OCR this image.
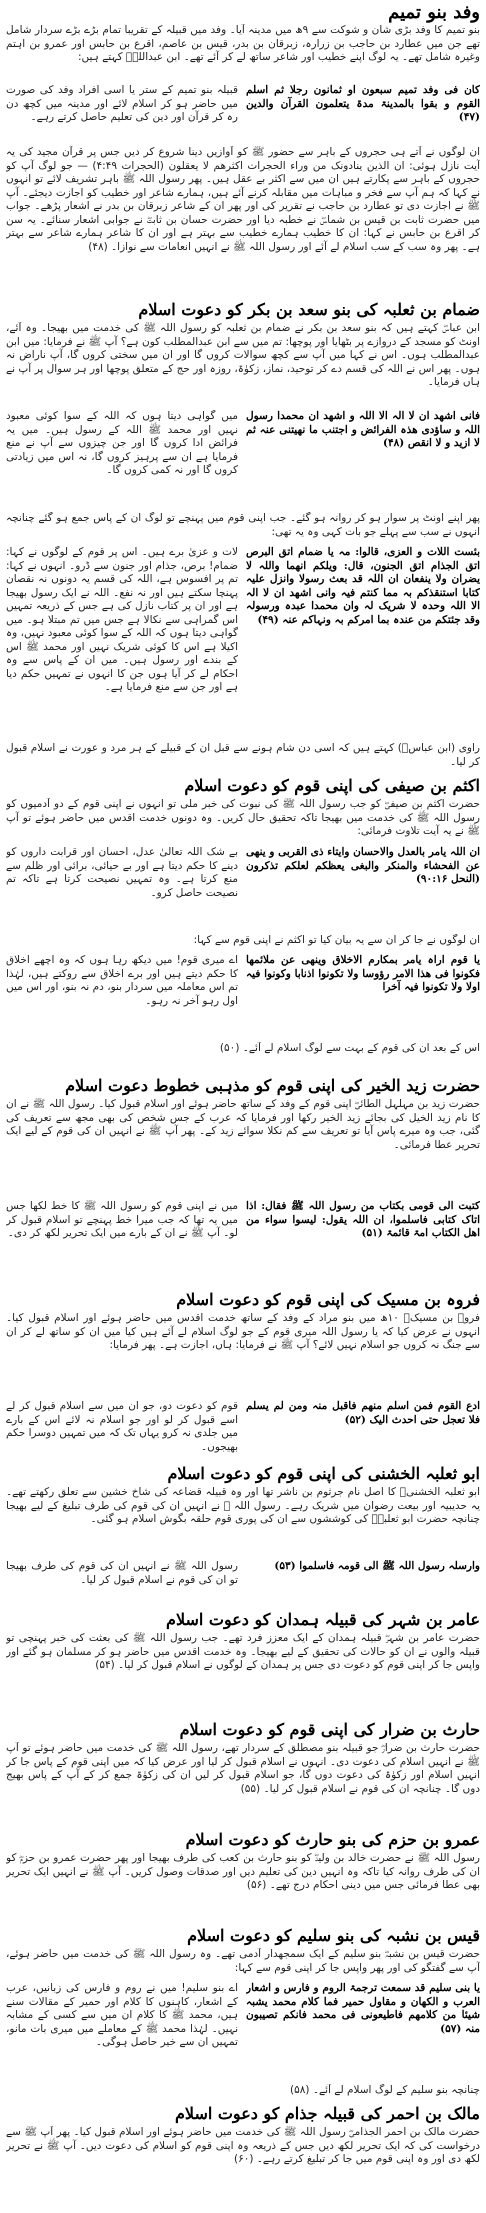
وفد بنو تمیم
بنو تمیم کا وفد بڑی شان و شوکت سے ۹ھ میں مدینہ آیا۔ وفد میں قبیلہ کے تقریباً تمام بڑے بڑے سردار شامل تھے جن میں عطارد بن حاجب بن زرارہ، زبرقان بن بدر، قیس بن عاصم، اقرع بن حابس اور عمرو بن اہتم وغیرہ شامل تھے۔ یہ لوگ اپنے خطیب اور شاعر ساتھ لے کر آئے تھے۔ ابن عبداللہؓ کہتے ہیں:
کان فی وفد تمیم سبعون او ثمانون رجلا ثم اسلم القوم و بقوا بالمدینۃ مدۃ یتعلمون القرآن والدین (۴۷)
قبیلہ بنو تمیم کے ستر یا اسی افراد وفد کی صورت میں حاضر ہو کر اسلام لائے اور مدینہ میں کچھ دن رہ کر قرآن اور دین کی تعلیم حاصل کرتے رہے۔
ان لوگوں نے آتے ہی حجروں کے باہر سے حضور ﷺ کو آوازیں دینا شروع کر دیں جس پر قرآن مجید کی یہ آیت نازل ہوئی: ان الذین ینادونک من وراء الحجرات اکثرھم لا یعقلون (الحجرات ۴:۴۹) — جو لوگ آپ کو حجروں کے باہر سے پکارتے ہیں ان میں سے اکثر بے عقل ہیں۔ پھر رسول اللہ ﷺ باہر تشریف لائے تو انہوں نے کہا کہ ہم آپ سے فخر و مباہات میں مقابلہ کرنے آئے ہیں، ہمارے شاعر اور خطیب کو اجازت دیجئے۔ آپ ﷺ نے اجازت دی تو عطارد بن حاجب نے تقریر کی اور پھر ان کے شاعر زبرقان بن بدر نے اشعار پڑھے۔ جواب میں حضرت ثابت بن قیس بن شماسؓ نے خطبہ دیا اور حضرت حسان بن ثابتؓ نے جوابی اشعار سنائے۔ یہ سن کر اقرع بن حابس نے کہا: ان کا خطیب ہمارے خطیب سے بہتر ہے اور ان کا شاعر ہمارے شاعر سے بہتر ہے۔ پھر وہ سب کے سب اسلام لے آئے اور رسول اللہ ﷺ نے انہیں انعامات سے نوازا۔ (۴۸)
ضمام بن ثعلبہ کی بنو سعد بن بکر کو دعوت اسلام
ابن عباسؓ کہتے ہیں کہ بنو سعد بن بکر نے ضمام بن ثعلبہ کو رسول اللہ ﷺ کی خدمت میں بھیجا۔ وہ آئے، اونٹ کو مسجد کے دروازے پر بٹھایا اور پوچھا: تم میں سے ابن عبدالمطلب کون ہے؟ آپ ﷺ نے فرمایا: میں ابن عبدالمطلب ہوں۔ اس نے کہا میں آپ سے کچھ سوالات کروں گا اور ان میں سختی کروں گا، آپ ناراض نہ ہوں۔ پھر اس نے اللہ کی قسم دے کر توحید، نماز، زکوٰۃ، روزہ اور حج کے متعلق پوچھا اور ہر سوال پر آپ نے ہاں فرمایا۔
فانی اشھد ان لا الہ الا اللہ و اشھد ان محمدا رسول اللہ و ساؤدی ھذہ الفرائض و اجتنب ما نھیتنی عنہ ثم لا ازید و لا انقص (۴۸)
میں گواہی دیتا ہوں کہ اللہ کے سوا کوئی معبود نہیں اور محمد ﷺ اللہ کے رسول ہیں۔ میں یہ فرائض ادا کروں گا اور جن چیزوں سے آپ نے منع فرمایا ہے ان سے پرہیز کروں گا، نہ اس میں زیادتی کروں گا اور نہ کمی کروں گا۔
پھر اپنے اونٹ پر سوار ہو کر روانہ ہو گئے۔ جب اپنی قوم میں پہنچے تو لوگ ان کے پاس جمع ہو گئے چنانچہ انہوں نے سب سے پہلے جو بات کہی وہ یہ تھی:
بئست اللات و العزی، قالوا: مہ یا ضمام اتق البرص اتق الجذام اتق الجنون، قال: ویلکم انھما واللہ لا یضران ولا ینفعان ان اللہ قد بعث رسولا وانزل علیہ کتابا استنقذکم بہ مما کنتم فیہ وانی اشھد ان لا الہ الا اللہ وحدہ لا شریک لہ وان محمدا عبدہ ورسولہ وقد جئتکم من عندہ بما امرکم بہ ونہاکم عنہ (۴۹)
لات و عزیٰ برے ہیں۔ اس پر قوم کے لوگوں نے کہا: ضمام! برص، جذام اور جنون سے ڈرو۔ انہوں نے کہا: تم پر افسوس ہے، اللہ کی قسم یہ دونوں نہ نقصان پہنچا سکتے ہیں اور نہ نفع۔ اللہ نے ایک رسول بھیجا ہے اور ان پر کتاب نازل کی ہے جس کے ذریعہ تمہیں اس گمراہی سے نکالا ہے جس میں تم مبتلا ہو۔ میں گواہی دیتا ہوں کہ اللہ کے سوا کوئی معبود نہیں، وہ اکیلا ہے اس کا کوئی شریک نہیں اور محمد ﷺ اس کے بندے اور رسول ہیں۔ میں ان کے پاس سے وہ احکام لے کر آیا ہوں جن کا انہوں نے تمہیں حکم دیا ہے اور جن سے منع فرمایا ہے۔
راوی (ابن عباسؓ) کہتے ہیں کہ اسی دن شام ہونے سے قبل ان کے قبیلے کے ہر مرد و عورت نے اسلام قبول کر لیا۔
اکثم بن صیفی کی اپنی قوم کو دعوت اسلام
حضرت اکثم بن صیفیؓ کو جب رسول اللہ ﷺ کی نبوت کی خبر ملی تو انہوں نے اپنی قوم کے دو آدمیوں کو رسول اللہ ﷺ کی خدمت میں بھیجا تاکہ تحقیق حال کریں۔ وہ دونوں خدمت اقدس میں حاضر ہوئے تو آپ ﷺ نے یہ آیت تلاوت فرمائی:
ان اللہ یامر بالعدل والاحسان وایتاء ذی القربی و ینھی عن الفحشاء والمنکر والبغی یعظکم لعلکم تذکرون (النحل ۹۰:۱۶)
بے شک اللہ تعالیٰ عدل، احسان اور قرابت داروں کو دینے کا حکم دیتا ہے اور بے حیائی، برائی اور ظلم سے منع کرتا ہے۔ وہ تمہیں نصیحت کرتا ہے تاکہ تم نصیحت حاصل کرو۔
ان لوگوں نے جا کر ان سے یہ بیان کیا تو اکثم نے اپنی قوم سے کہا:
یا قوم اراہ یامر بمکارم الاخلاق وینھی عن ملائمھا فکونوا فی ھذا الامر رؤوسا ولا تکونوا اذنابا وکونوا فیہ اولا ولا تکونوا فیہ آخرا
اے میری قوم! میں دیکھ رہا ہوں کہ وہ اچھے اخلاق کا حکم دیتے ہیں اور برے اخلاق سے روکتے ہیں، لہٰذا تم اس معاملہ میں سردار بنو، دم نہ بنو، اور اس میں اول رہو آخر نہ رہو۔
اس کے بعد ان کی قوم کے بہت سے لوگ اسلام لے آئے۔ (۵۰)
حضرت زید الخیر کی اپنی قوم کو مذہبی خطوط دعوت اسلام
حضرت زید بن مہلہل الطائیؓ اپنی قوم کے وفد کے ساتھ حاضر ہوئے اور اسلام قبول کیا۔ رسول اللہ ﷺ نے ان کا نام زید الخیل کی بجائے زید الخیر رکھا اور فرمایا کہ عرب کے جس شخص کی بھی مجھ سے تعریف کی گئی، جب وہ میرے پاس آیا تو تعریف سے کم نکلا سوائے زید کے۔ پھر آپ ﷺ نے انہیں ان کی قوم کے لیے ایک تحریر عطا فرمائی۔
کتبت الی قومی بکتاب من رسول اللہ ﷺ فقال: اذا اتاک کتابی فاسلموا، ان اللہ یقول: لیسوا سواء من اھل الکتاب امۃ قائمۃ (۵۱)
میں نے اپنی قوم کو رسول اللہ ﷺ کا خط لکھا جس میں یہ تھا کہ جب میرا خط پہنچے تو اسلام قبول کر لو۔ آپ ﷺ نے ان کے بارے میں ایک تحریر لکھ کر دی۔
فروہ بن مسیک کی اپنی قوم کو دعوت اسلام
فروہ بن مسیکؓ ۱۰ھ میں بنو مراد کے وفد کے ساتھ خدمت اقدس میں حاضر ہوئے اور اسلام قبول کیا۔ انہوں نے عرض کیا کہ یا رسول اللہ میری قوم کے جو لوگ اسلام لے آئے ہیں کیا میں ان کو ساتھ لے کر ان سے جنگ نہ کروں جو اسلام نہیں لائے؟ آپ ﷺ نے فرمایا: ہاں، اجازت ہے۔ پھر فرمایا:
ادع القوم فمن اسلم منھم فاقبل منہ ومن لم یسلم فلا تعجل حتی احدث الیک (۵۲)
قوم کو دعوت دو، جو ان میں سے اسلام قبول کر لے اسے قبول کر لو اور جو اسلام نہ لائے اس کے بارے میں جلدی نہ کرو یہاں تک کہ میں تمہیں دوسرا حکم بھیجوں۔
ابو ثعلبہ الخشنی کی اپنی قوم کو دعوت اسلام
ابو ثعلبہ الخشنیؓ کا اصل نام جرثوم بن ناشر تھا اور وہ قبیلہ قضاعہ کی شاخ خشین سے تعلق رکھتے تھے۔ یہ حدیبیہ اور بیعت رضوان میں شریک رہے۔ رسول اللہ ﷺ نے انہیں ان کی قوم کی طرف تبلیغ کے لیے بھیجا چنانچہ حضرت ابو ثعلبہؓ کی کوششوں سے ان کی پوری قوم حلقہ بگوش اسلام ہو گئی۔
وارسلہ رسول اللہ ﷺ الی قومہ فاسلموا (۵۳)
رسول اللہ ﷺ نے انہیں ان کی قوم کی طرف بھیجا تو ان کی قوم نے اسلام قبول کر لیا۔
عامر بن شہر کی قبیلہ ہمدان کو دعوت اسلام
حضرت عامر بن شہرؓ قبیلہ ہمدان کے ایک معزز فرد تھے۔ جب رسول اللہ ﷺ کی بعثت کی خبر پہنچی تو قبیلہ والوں نے ان کو حالات کی تحقیق کے لیے بھیجا۔ وہ خدمت اقدس میں حاضر ہو کر مسلمان ہو گئے اور واپس جا کر اپنی قوم کو دعوت دی جس پر ہمدان کے لوگوں نے اسلام قبول کر لیا۔ (۵۴)
حارث بن ضرار کی اپنی قوم کو دعوت اسلام
حضرت حارث بن ضرارؓ جو قبیلہ بنو مصطلق کے سردار تھے، رسول اللہ ﷺ کی خدمت میں حاضر ہوئے تو آپ ﷺ نے انہیں اسلام کی دعوت دی۔ انہوں نے اسلام قبول کر لیا اور عرض کیا کہ میں اپنی قوم کے پاس جا کر انہیں اسلام اور زکوٰۃ کی دعوت دوں گا، جو اسلام قبول کر لیں ان کی زکوٰۃ جمع کر کے آپ کے پاس بھیج دوں گا۔ چنانچہ ان کی قوم نے اسلام قبول کر لیا۔ (۵۵)
عمرو بن حزم کی بنو حارث کو دعوت اسلام
رسول اللہ ﷺ نے حضرت خالد بن ولیدؓ کو بنو حارث بن کعب کی طرف بھیجا اور پھر حضرت عمرو بن حزمؓ کو ان کی طرف روانہ کیا تاکہ وہ انہیں دین کی تعلیم دیں اور صدقات وصول کریں۔ آپ ﷺ نے انہیں ایک تحریر بھی عطا فرمائی جس میں دینی احکام درج تھے۔ (۵۶)
قیس بن نشبہ کی بنو سلیم کو دعوت اسلام
حضرت قیس بن نشبہؓ بنو سلیم کے ایک سمجھدار آدمی تھے۔ وہ رسول اللہ ﷺ کی خدمت میں حاضر ہوئے، آپ سے گفتگو کی اور پھر واپس جا کر اپنی قوم سے کہا:
یا بنی سلیم قد سمعت ترجمۃ الروم و فارس و اشعار العرب و الکھان و مقاول حمیر فما کلام محمد یشبہ شیئا من کلامھم فاطیعونی فی محمد فانکم تصیبون منہ (۵۷)
اے بنو سلیم! میں نے روم و فارس کی زبانیں، عرب کے اشعار، کاہنوں کا کلام اور حمیر کے مقالات سنے ہیں، محمد ﷺ کا کلام ان میں سے کسی کے مشابہ نہیں۔ لہٰذا محمد ﷺ کے معاملے میں میری بات مانو، تمہیں ان سے خیر حاصل ہوگی۔
چنانچہ بنو سلیم کے لوگ اسلام لے آئے۔ (۵۸)
مالک بن احمر کی قبیلہ جذام کو دعوت اسلام
حضرت مالک بن احمر الجذامیؓ رسول اللہ ﷺ کی خدمت میں حاضر ہوئے اور اسلام قبول کیا۔ پھر آپ ﷺ سے درخواست کی کہ ایک تحریر لکھ دیں جس کے ذریعہ وہ اپنی قوم کو اسلام کی دعوت دیں۔ آپ ﷺ نے تحریر لکھ دی اور وہ اپنی قوم میں جا کر تبلیغ کرتے رہے۔ (۶۰)
